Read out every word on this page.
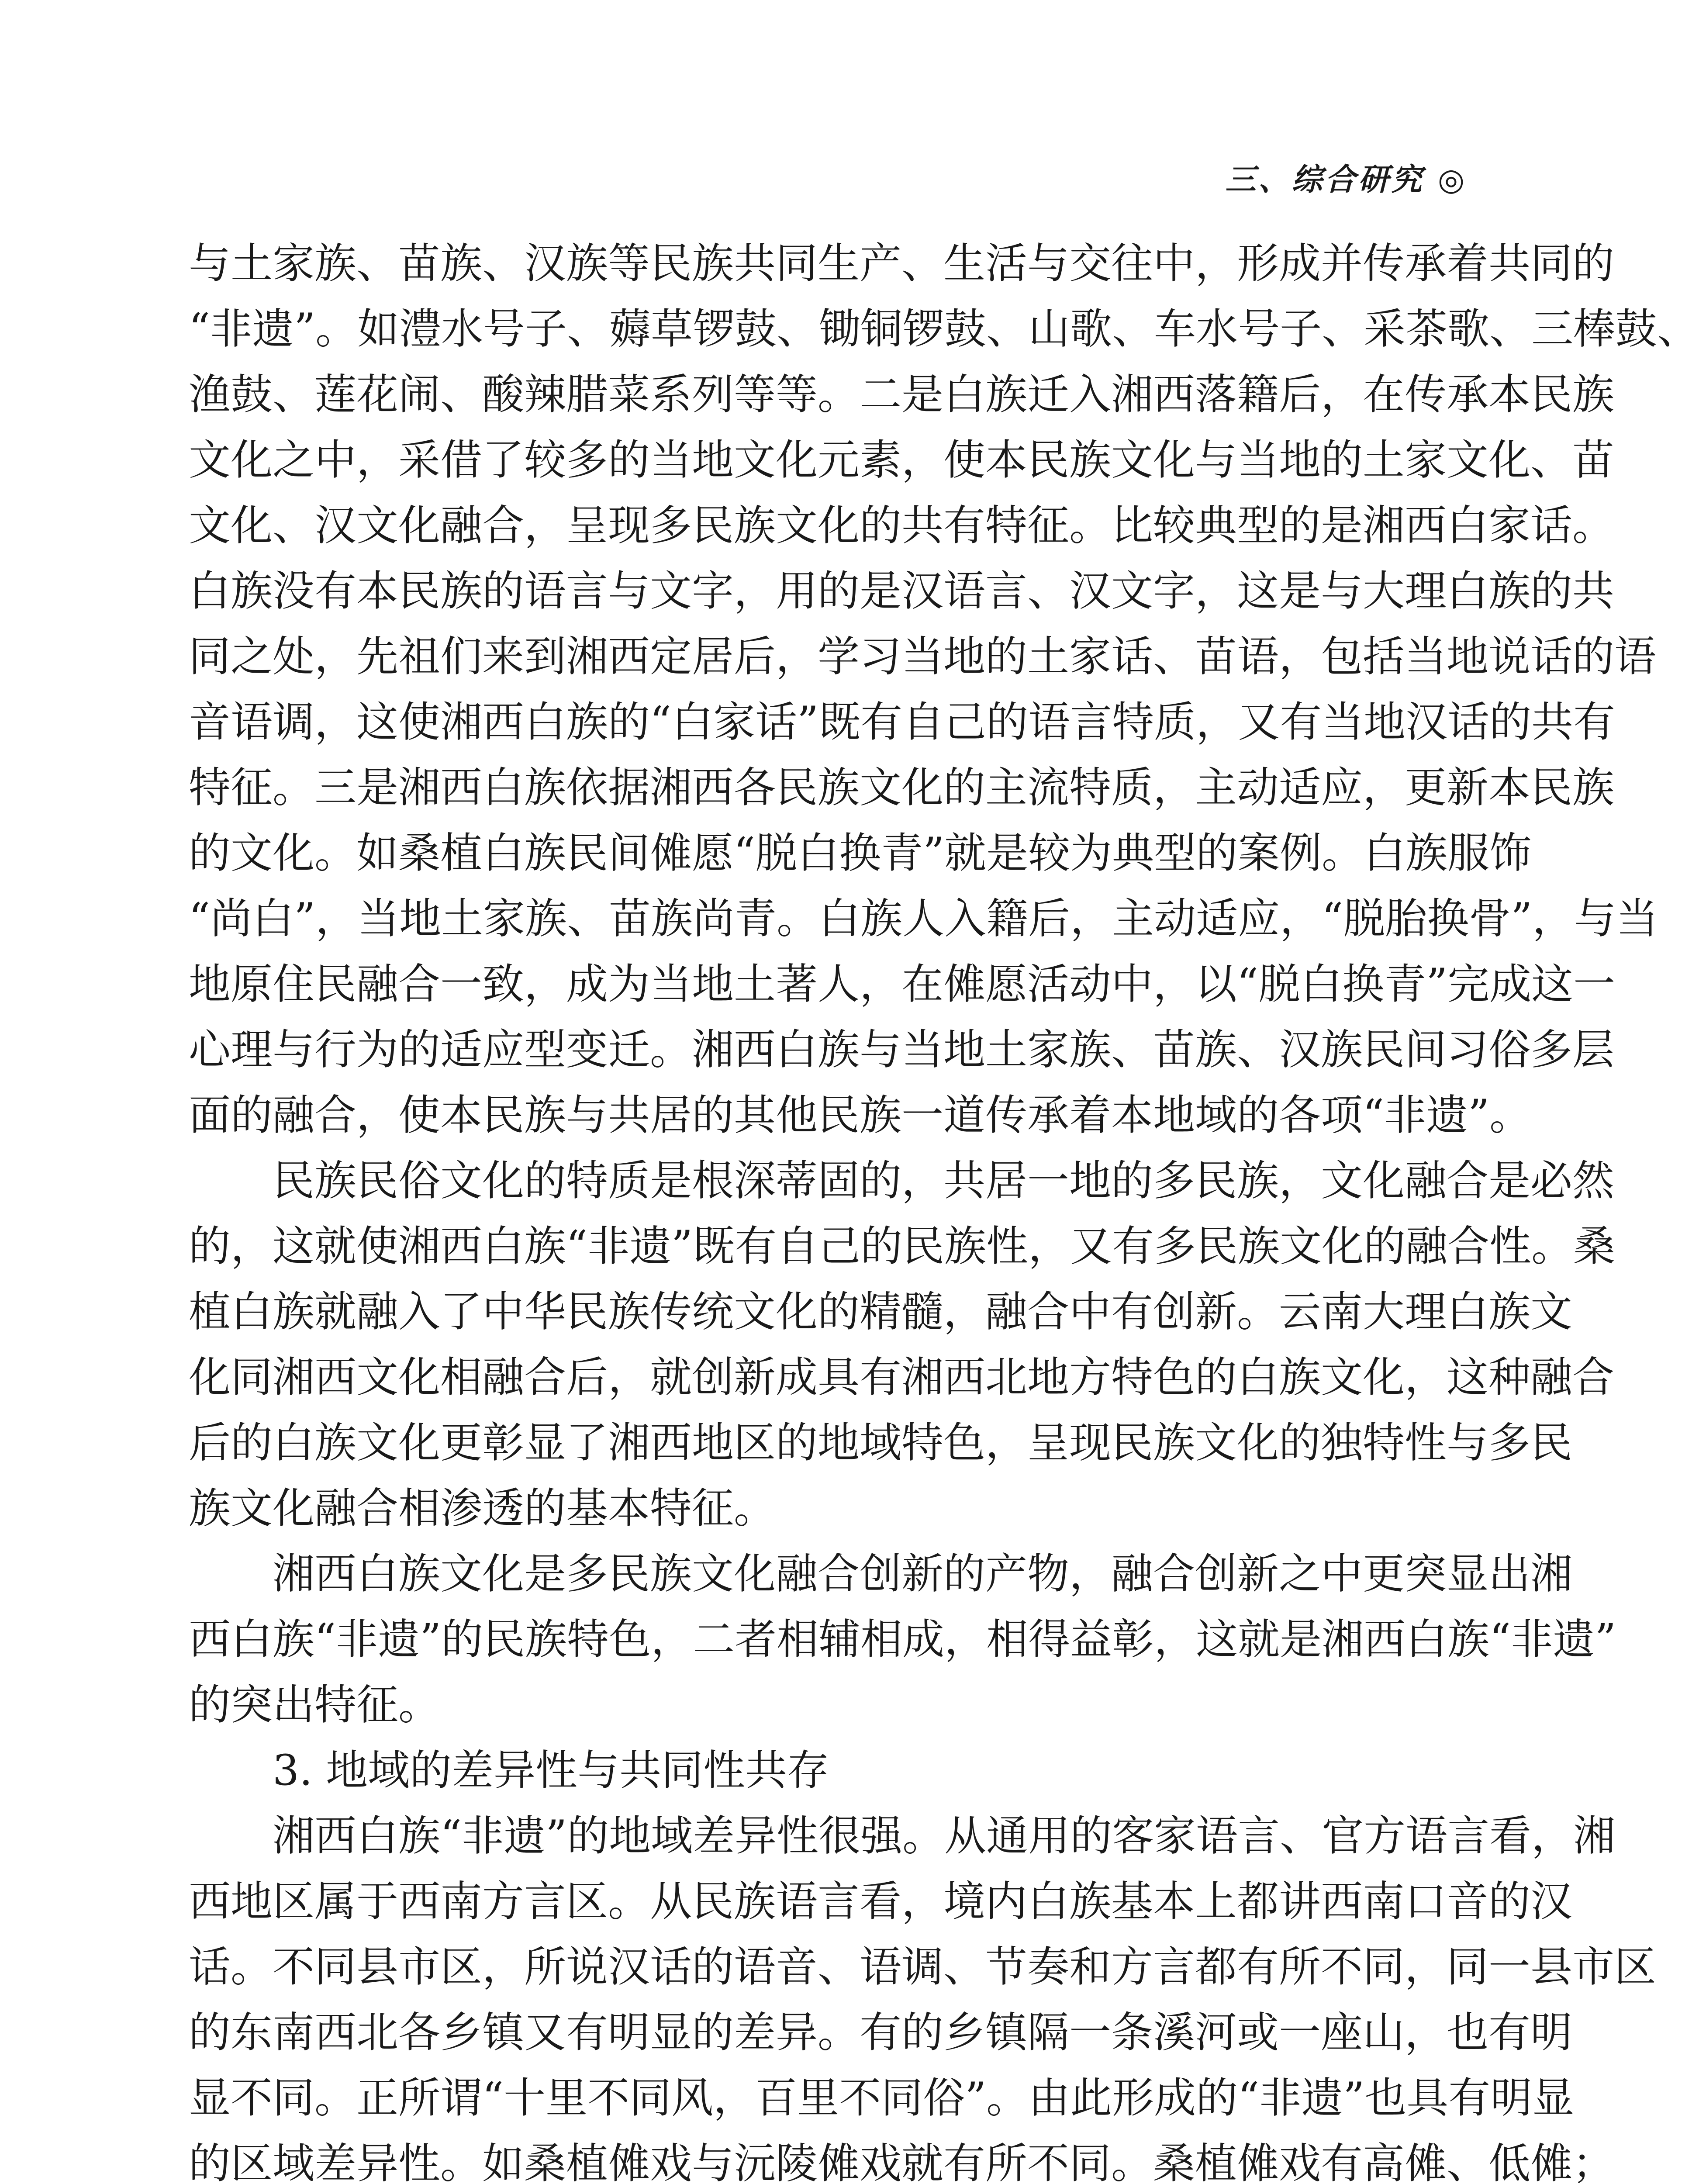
三、综合研究 ◎
与土家族、苗族、汉族等民族共同生产、生活与交往中，形成并传承着共同的
“非遗”。如澧水号子、薅草锣鼓、锄铜锣鼓、山歌、车水号子、采茶歌、三棒鼓、
渔鼓、莲花闹、酸辣腊菜系列等等。二是白族迁入湘西落籍后，在传承本民族
文化之中，采借了较多的当地文化元素，使本民族文化与当地的土家文化、苗
文化、汉文化融合，呈现多民族文化的共有特征。比较典型的是湘西白家话。
白族没有本民族的语言与文字，用的是汉语言、汉文字，这是与大理白族的共
同之处，先祖们来到湘西定居后，学习当地的土家话、苗语，包括当地说话的语
音语调，这使湘西白族的“白家话”既有自己的语言特质，又有当地汉话的共有
特征。三是湘西白族依据湘西各民族文化的主流特质，主动适应，更新本民族
的文化。如桑植白族民间傩愿“脱白换青”就是较为典型的案例。白族服饰
“尚白”，当地土家族、苗族尚青。白族人入籍后，主动适应，“脱胎换骨”，与当
地原住民融合一致，成为当地土著人，在傩愿活动中，以“脱白换青”完成这一
心理与行为的适应型变迁。湘西白族与当地土家族、苗族、汉族民间习俗多层
面的融合，使本民族与共居的其他民族一道传承着本地域的各项“非遗”。
　　民族民俗文化的特质是根深蒂固的，共居一地的多民族，文化融合是必然
的，这就使湘西白族“非遗”既有自己的民族性，又有多民族文化的融合性。桑
植白族就融入了中华民族传统文化的精髓，融合中有创新。云南大理白族文
化同湘西文化相融合后，就创新成具有湘西北地方特色的白族文化，这种融合
后的白族文化更彰显了湘西地区的地域特色，呈现民族文化的独特性与多民
族文化融合相渗透的基本特征。
　　湘西白族文化是多民族文化融合创新的产物，融合创新之中更突显出湘
西白族“非遗”的民族特色，二者相辅相成，相得益彰，这就是湘西白族“非遗”
的突出特征。
　　3. 地域的差异性与共同性共存
　　湘西白族“非遗”的地域差异性很强。从通用的客家语言、官方语言看，湘
西地区属于西南方言区。从民族语言看，境内白族基本上都讲西南口音的汉
话。不同县市区，所说汉话的语音、语调、节奏和方言都有所不同，同一县市区
的东南西北各乡镇又有明显的差异。有的乡镇隔一条溪河或一座山，也有明
显不同。正所谓“十里不同风，百里不同俗”。由此形成的“非遗”也具有明显
的区域差异性。如桑植傩戏与沅陵傩戏就有所不同。桑植傩戏有高傩、低傩；
